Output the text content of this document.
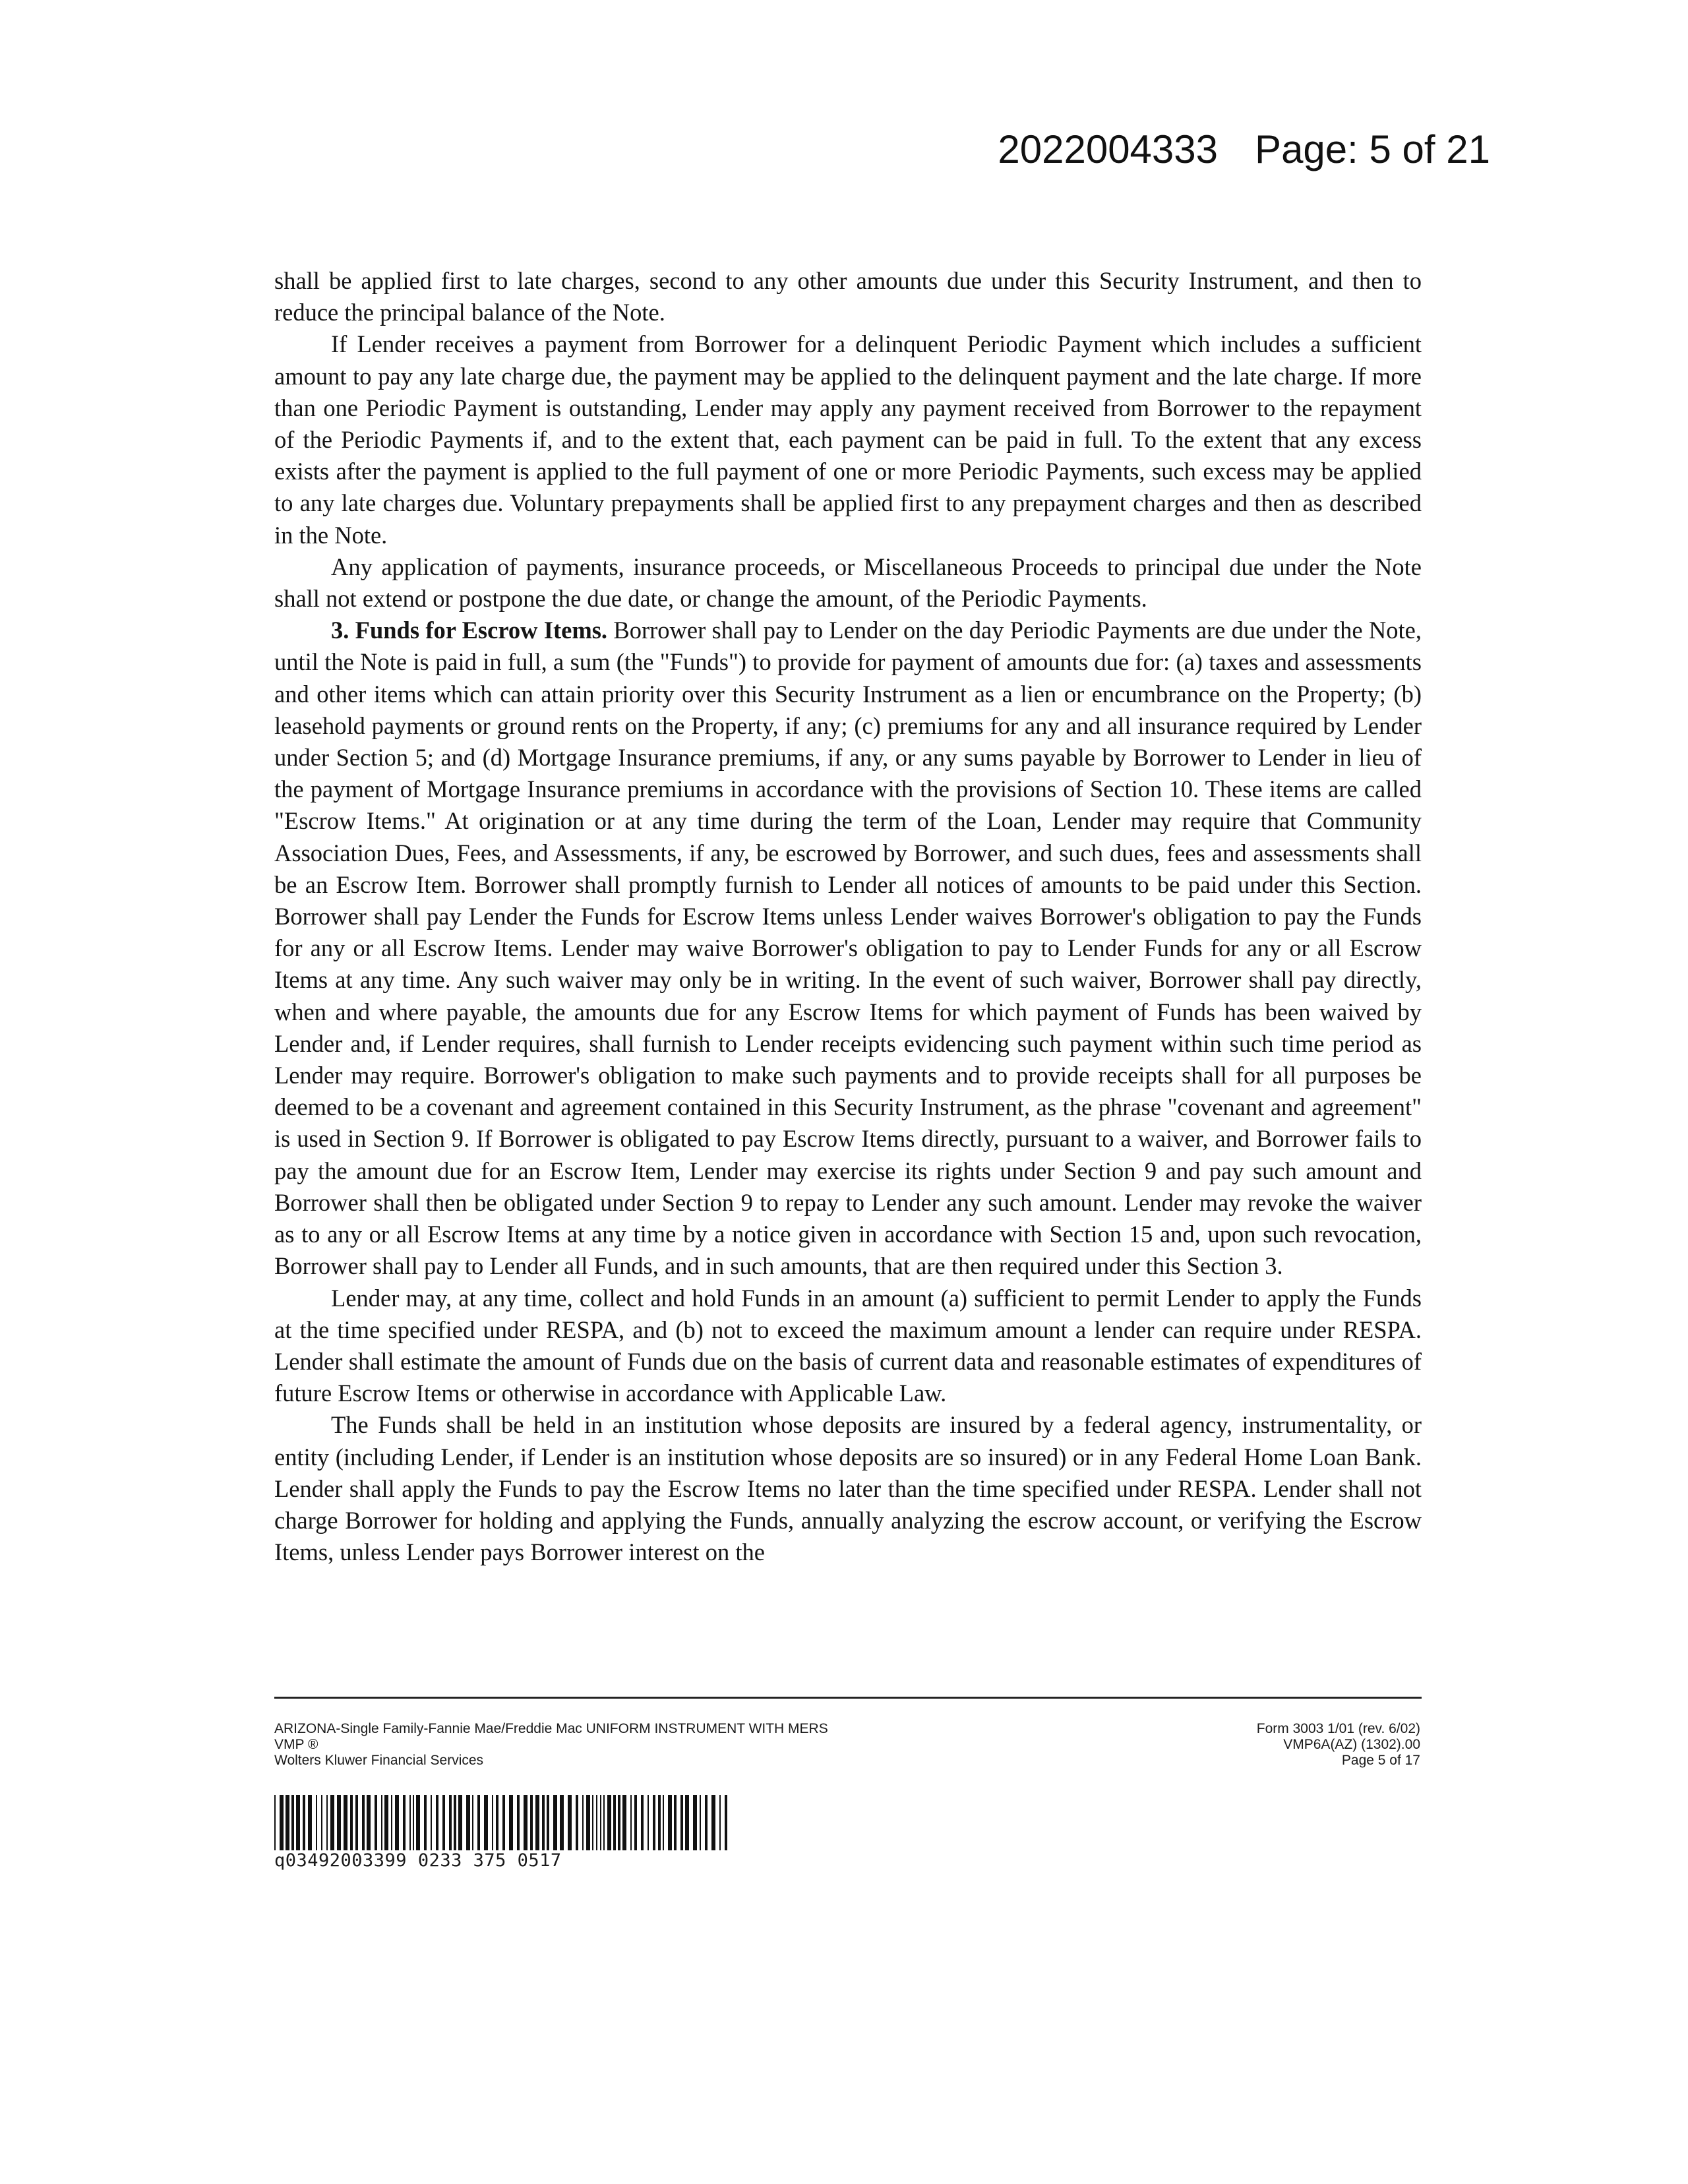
2022004333 Page: 5 of 21

shall be applied first to late charges, second to any other amounts due under this Security Instrument, and then to reduce the principal balance of the Note.

If Lender receives a payment from Borrower for a delinquent Periodic Payment which includes a sufficient amount to pay any late charge due, the payment may be applied to the delinquent payment and the late charge. If more than one Periodic Payment is outstanding, Lender may apply any payment received from Borrower to the repayment of the Periodic Payments if, and to the extent that, each payment can be paid in full. To the extent that any excess exists after the payment is applied to the full payment of one or more Periodic Payments, such excess may be applied to any late charges due. Voluntary prepayments shall be applied first to any prepayment charges and then as described in the Note.

Any application of payments, insurance proceeds, or Miscellaneous Proceeds to principal due under the Note shall not extend or postpone the due date, or change the amount, of the Periodic Payments.

3. Funds for Escrow Items. Borrower shall pay to Lender on the day Periodic Payments are due under the Note, until the Note is paid in full, a sum (the "Funds") to provide for payment of amounts due for: (a) taxes and assessments and other items which can attain priority over this Security Instrument as a lien or encumbrance on the Property; (b) leasehold payments or ground rents on the Property, if any; (c) premiums for any and all insurance required by Lender under Section 5; and (d) Mortgage Insurance premiums, if any, or any sums payable by Borrower to Lender in lieu of the payment of Mortgage Insurance premiums in accordance with the provisions of Section 10. These items are called "Escrow Items." At origination or at any time during the term of the Loan, Lender may require that Community Association Dues, Fees, and Assessments, if any, be escrowed by Borrower, and such dues, fees and assessments shall be an Escrow Item. Borrower shall promptly furnish to Lender all notices of amounts to be paid under this Section. Borrower shall pay Lender the Funds for Escrow Items unless Lender waives Borrower's obligation to pay the Funds for any or all Escrow Items. Lender may waive Borrower's obligation to pay to Lender Funds for any or all Escrow Items at any time. Any such waiver may only be in writing. In the event of such waiver, Borrower shall pay directly, when and where payable, the amounts due for any Escrow Items for which payment of Funds has been waived by Lender and, if Lender requires, shall furnish to Lender receipts evidencing such payment within such time period as Lender may require. Borrower's obligation to make such payments and to provide receipts shall for all purposes be deemed to be a covenant and agreement contained in this Security Instrument, as the phrase "covenant and agreement" is used in Section 9. If Borrower is obligated to pay Escrow Items directly, pursuant to a waiver, and Borrower fails to pay the amount due for an Escrow Item, Lender may exercise its rights under Section 9 and pay such amount and Borrower shall then be obligated under Section 9 to repay to Lender any such amount. Lender may revoke the waiver as to any or all Escrow Items at any time by a notice given in accordance with Section 15 and, upon such revocation, Borrower shall pay to Lender all Funds, and in such amounts, that are then required under this Section 3.

Lender may, at any time, collect and hold Funds in an amount (a) sufficient to permit Lender to apply the Funds at the time specified under RESPA, and (b) not to exceed the maximum amount a lender can require under RESPA. Lender shall estimate the amount of Funds due on the basis of current data and reasonable estimates of expenditures of future Escrow Items or otherwise in accordance with Applicable Law.

The Funds shall be held in an institution whose deposits are insured by a federal agency, instrumentality, or entity (including Lender, if Lender is an institution whose deposits are so insured) or in any Federal Home Loan Bank. Lender shall apply the Funds to pay the Escrow Items no later than the time specified under RESPA. Lender shall not charge Borrower for holding and applying the Funds, annually analyzing the escrow account, or verifying the Escrow Items, unless Lender pays Borrower interest on the

ARIZONA-Single Family-Fannie Mae/Freddie Mac UNIFORM INSTRUMENT WITH MERS
VMP ®
Wolters Kluwer Financial Services
Form 3003 1/01 (rev. 6/02)
VMP6A(AZ) (1302).00
Page 5 of 17
q03492003399 0233 375 0517
